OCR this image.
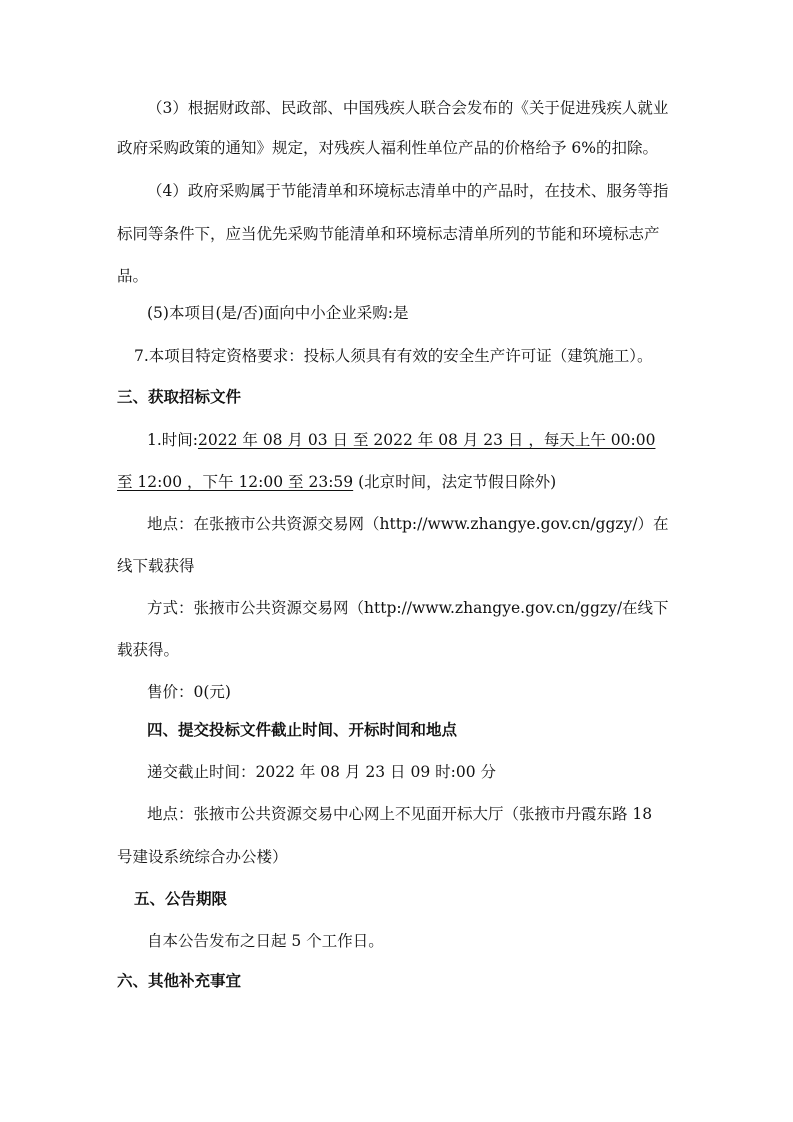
（3）根据财政部、民政部、中国残疾人联合会发布的《关于促进残疾人就业
政府采购政策的通知》规定，对残疾人福利性单位产品的价格给予 6%的扣除。
（4）政府采购属于节能清单和环境标志清单中的产品时，在技术、服务等指
标同等条件下，应当优先采购节能清单和环境标志清单所列的节能和环境标志产
品。
(5)本项目(是/否)面向中小企业采购:是
7.本项目特定资格要求：投标人须具有有效的安全生产许可证（建筑施工）。
三、获取招标文件
1.时间:2022 年 08 月 03 日 至 2022 年 08 月 23 日 ，每天上午 00:00
至 12:00 ，下午 12:00 至 23:59 (北京时间，法定节假日除外)
地点：在张掖市公共资源交易网（http://www.zhangye.gov.cn/ggzy/）在
线下载获得
方式：张掖市公共资源交易网（http://www.zhangye.gov.cn/ggzy/在线下
载获得。
售价：0(元)
四、提交投标文件截止时间、开标时间和地点
递交截止时间：2022 年 08 月 23 日 09 时:00 分
地点：张掖市公共资源交易中心网上不见面开标大厅（张掖市丹霞东路 18
号建设系统综合办公楼）
五、公告期限
自本公告发布之日起 5 个工作日。
六、其他补充事宜
